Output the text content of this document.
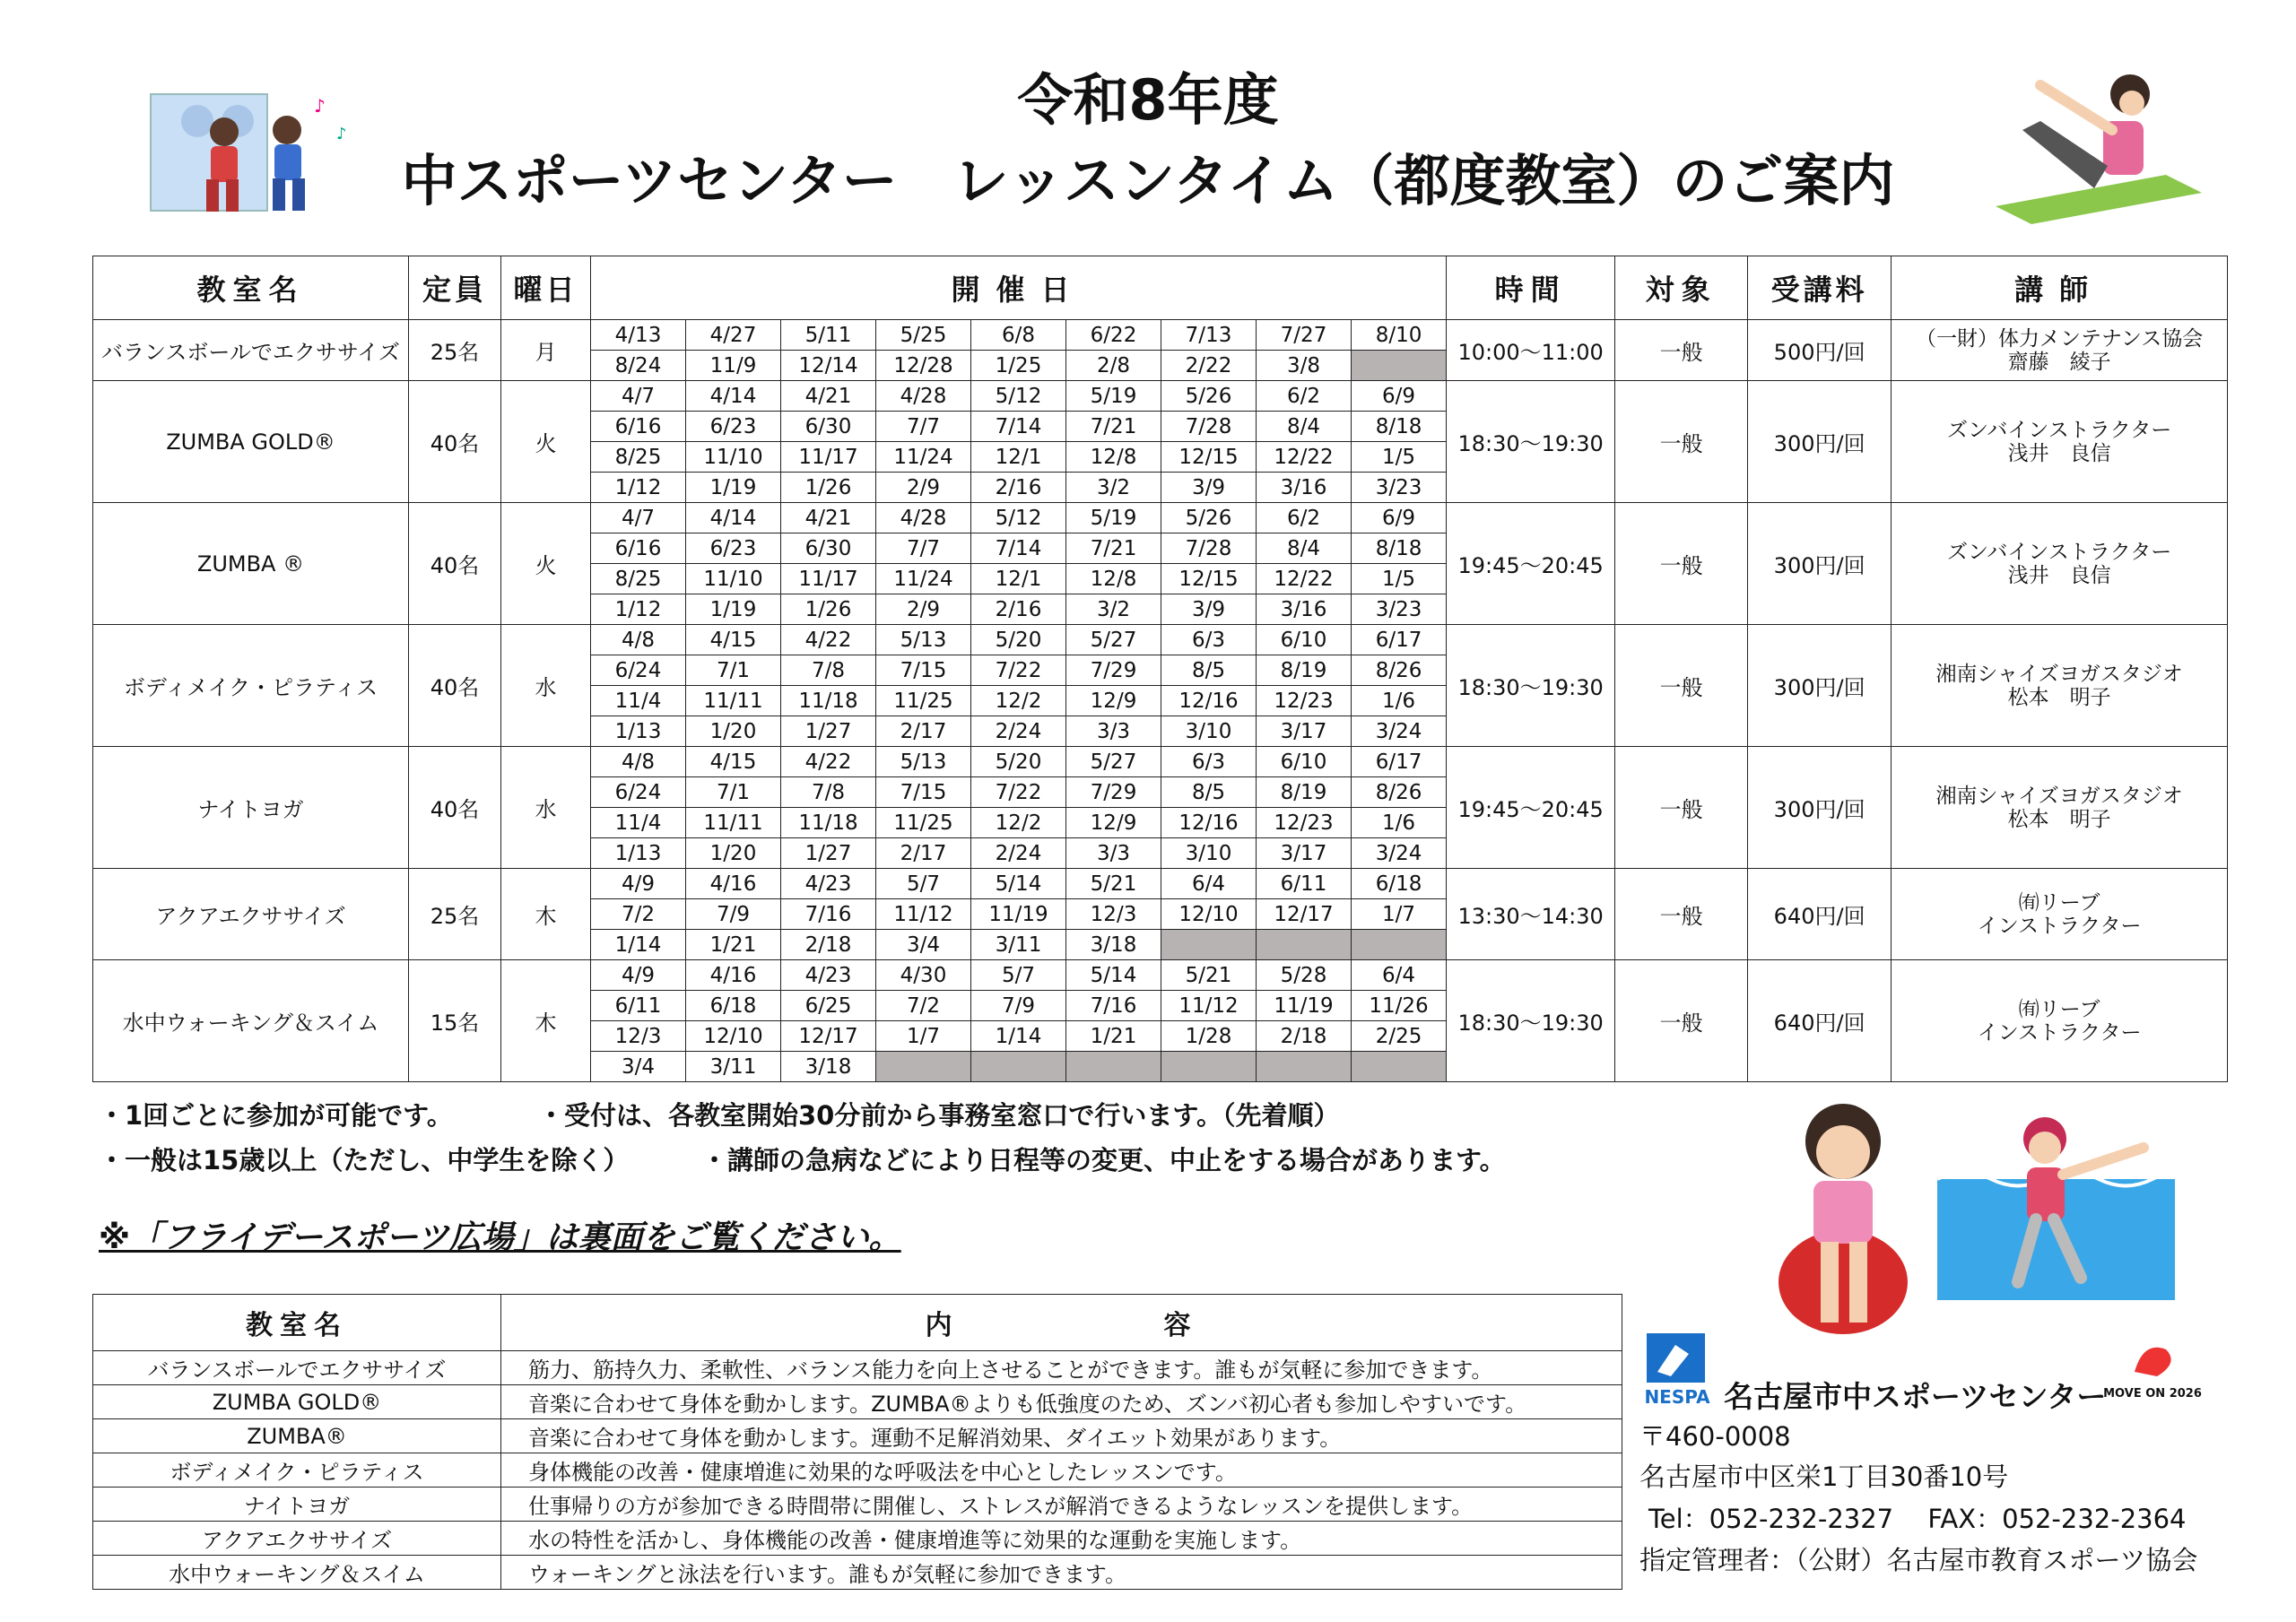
令和8年度
中スポーツセンター　レッスンタイム（都度教室）のご案内
♪
♪
教室名	定員	曜日	開催日									時間	対象	受講料	講師
バランスボールでエクササイズ	25名	月	4/13	4/27	5/11	5/25	6/8	6/22	7/13	7/27	8/10	10:00～11:00	一般	500円/回	（一財）体力メンテナンス協会
齋藤　綾子

			8/24	11/9	12/14	12/28	1/25	2/8	2/22	3/8					
ZUMBA GOLD®	40名	火	4/7	4/14	4/21	4/28	5/12	5/19	5/26	6/2	6/9	18:30～19:30	一般	300円/回	ズンバインストラクター
浅井　良信

			6/16	6/23	6/30	7/7	7/14	7/21	7/28	8/4	8/18				
			8/25	11/10	11/17	11/24	12/1	12/8	12/15	12/22	1/5				
			1/12	1/19	1/26	2/9	2/16	3/2	3/9	3/16	3/23				
ZUMBA ®	40名	火	4/7	4/14	4/21	4/28	5/12	5/19	5/26	6/2	6/9	19:45～20:45	一般	300円/回	ズンバインストラクター
浅井　良信

			6/16	6/23	6/30	7/7	7/14	7/21	7/28	8/4	8/18				
			8/25	11/10	11/17	11/24	12/1	12/8	12/15	12/22	1/5				
			1/12	1/19	1/26	2/9	2/16	3/2	3/9	3/16	3/23				
ボディメイク・ピラティス	40名	水	4/8	4/15	4/22	5/13	5/20	5/27	6/3	6/10	6/17	18:30～19:30	一般	300円/回	湘南シャイズヨガスタジオ
松本　明子

			6/24	7/1	7/8	7/15	7/22	7/29	8/5	8/19	8/26				
			11/4	11/11	11/18	11/25	12/2	12/9	12/16	12/23	1/6				
			1/13	1/20	1/27	2/17	2/24	3/3	3/10	3/17	3/24				
ナイトヨガ	40名	水	4/8	4/15	4/22	5/13	5/20	5/27	6/3	6/10	6/17	19:45～20:45	一般	300円/回	湘南シャイズヨガスタジオ
松本　明子

			6/24	7/1	7/8	7/15	7/22	7/29	8/5	8/19	8/26				
			11/4	11/11	11/18	11/25	12/2	12/9	12/16	12/23	1/6				
			1/13	1/20	1/27	2/17	2/24	3/3	3/10	3/17	3/24				
アクアエクササイズ	25名	木	4/9	4/16	4/23	5/7	5/14	5/21	6/4	6/11	6/18	13:30～14:30	一般	640円/回	㈲リーブ
インストラクター

			7/2	7/9	7/16	11/12	11/19	12/3	12/10	12/17	1/7				
			1/14	1/21	2/18	3/4	3/11	3/18							
水中ウォーキング＆スイム	15名	木	4/9	4/16	4/23	4/30	5/7	5/14	5/21	5/28	6/4	18:30～19:30	一般	640円/回	㈲リーブ
インストラクター

			6/11	6/18	6/25	7/2	7/9	7/16	11/12	11/19	11/26				
			12/3	12/10	12/17	1/7	1/14	1/21	1/28	2/18	2/25				
			3/4	3/11	3/18										
・1回ごとに参加が可能です。	・受付は、各教室開始30分前から事務室窓口で行います。（先着順）
・一般は15歳以上（ただし、中学生を除く）	・講師の急病などにより日程等の変更、中止をする場合があります。
※「フライデースポーツ広場」は裏面をご覧ください。
教室名	内　　　　　　容
バランスボールでエクササイズ	筋力、筋持久力、柔軟性、バランス能力を向上させることができます。誰もが気軽に参加できます。
ZUMBA GOLD®	音楽に合わせて身体を動かします。ZUMBA®よりも低強度のため、ズンバ初心者も参加しやすいです。
ZUMBA®	音楽に合わせて身体を動かします。運動不足解消効果、ダイエット効果があります。
ボディメイク・ピラティス	身体機能の改善・健康増進に効果的な呼吸法を中心としたレッスンです。
ナイトヨガ	仕事帰りの方が参加できる時間帯に開催し、ストレスが解消できるようなレッスンを提供します。
アクアエクササイズ	水の特性を活かし、身体機能の改善・健康増進等に効果的な運動を実施します。
水中ウォーキング＆スイム	ウォーキングと泳法を行います。誰もが気軽に参加できます。
NESPA 名古屋市中スポーツセンター
MOVE ON 2026
〒460-0008
名古屋市中区栄1丁目30番10号
Tel：052-232-2327　 FAX：052-232-2364
指定管理者：（公財）名古屋市教育スポーツ協会
